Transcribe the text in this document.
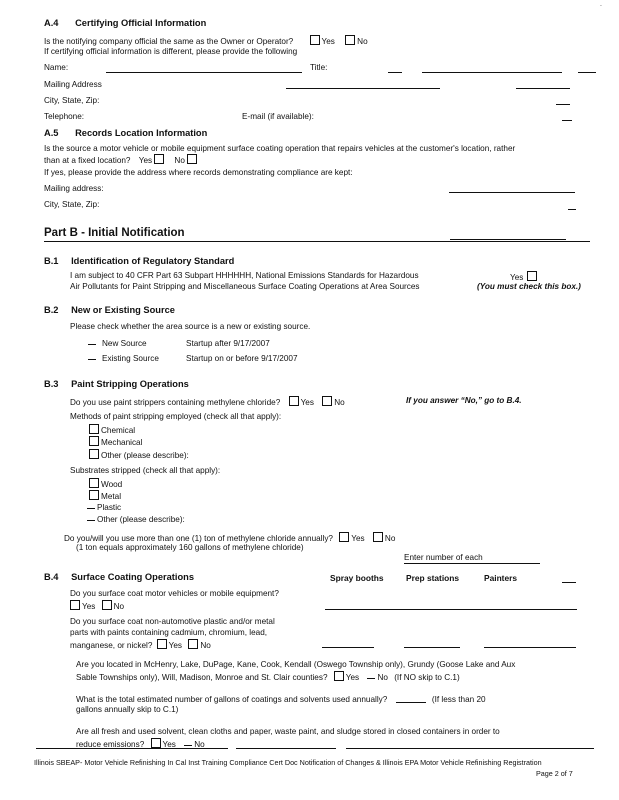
˙
A.4 Certifying Official Information
Is the notifying company official the same as the Owner or Operator?	Yes	No
If certifying official information is different, please provide the following
Name:	Title:
Mailing Address
City, State, Zip:
Telephone:	E-mail (if available):
A.5 Records Location Information
Is the source a motor vehicle or mobile equipment surface coating operation that repairs vehicles at the customer's location, rather
than at a fixed location? Yes	No
If yes, please provide the address where records demonstrating compliance are kept:
Mailing address:
City, State, Zip:
Part B - Initial Notification
B.1 Identification of Regulatory Standard
I am subject to 40 CFR Part 63 Subpart HHHHHH, National Emissions Standards for Hazardous
Air Pollutants for Paint Stripping and Miscellaneous Surface Coating Operations at Area Sources
Yes
(You must check this box.)
B.2 New or Existing Source
Please check whether the area source is a new or existing source.
New Source	Startup after 9/17/2007
Existing Source	Startup on or before 9/17/2007
B.3 Paint Stripping Operations
Do you use paint strippers containing methylene chloride? Yes No	If you answer “No,” go to B.4.
Methods of paint stripping employed (check all that apply):
Chemical
Mechanical
Other (please describe):
Substrates stripped (check all that apply):
Wood
Metal
Plastic
Other (please describe):
Do you/will you use more than one (1) ton of methylene chloride annually? Yes No
(1 ton equals approximately 160 gallons of methylene chloride)
Enter number of each
B.4 Surface Coating Operations	Spray booths	Prep stations	Painters
Do you surface coat motor vehicles or mobile equipment?
Yes No
Do you surface coat non-automotive plastic and/or metal
parts with paints containing cadmium, chromium, lead,
manganese, or nickel? Yes No
Are you located in McHenry, Lake, DuPage, Kane, Cook, Kendall (Oswego Township only), Grundy (Goose Lake and Aux
Sable Townships only), Will, Madison, Monroe and St. Clair counties? Yes No (If NO skip to C.1)
What is the total estimated number of gallons of coatings and solvents used annually?	(If less than 20
gallons annually skip to C.1)
Are all fresh and used solvent, clean cloths and paper, waste paint, and sludge stored in closed containers in order to
reduce emissions? Yes No
Illinois SBEAP- Motor Vehicle Refinishing In Cal Inst Training Compliance Cert Doc Notification of Changes & Illinois EPA Motor Vehicle Refinishing Registration
Page 2 of 7
